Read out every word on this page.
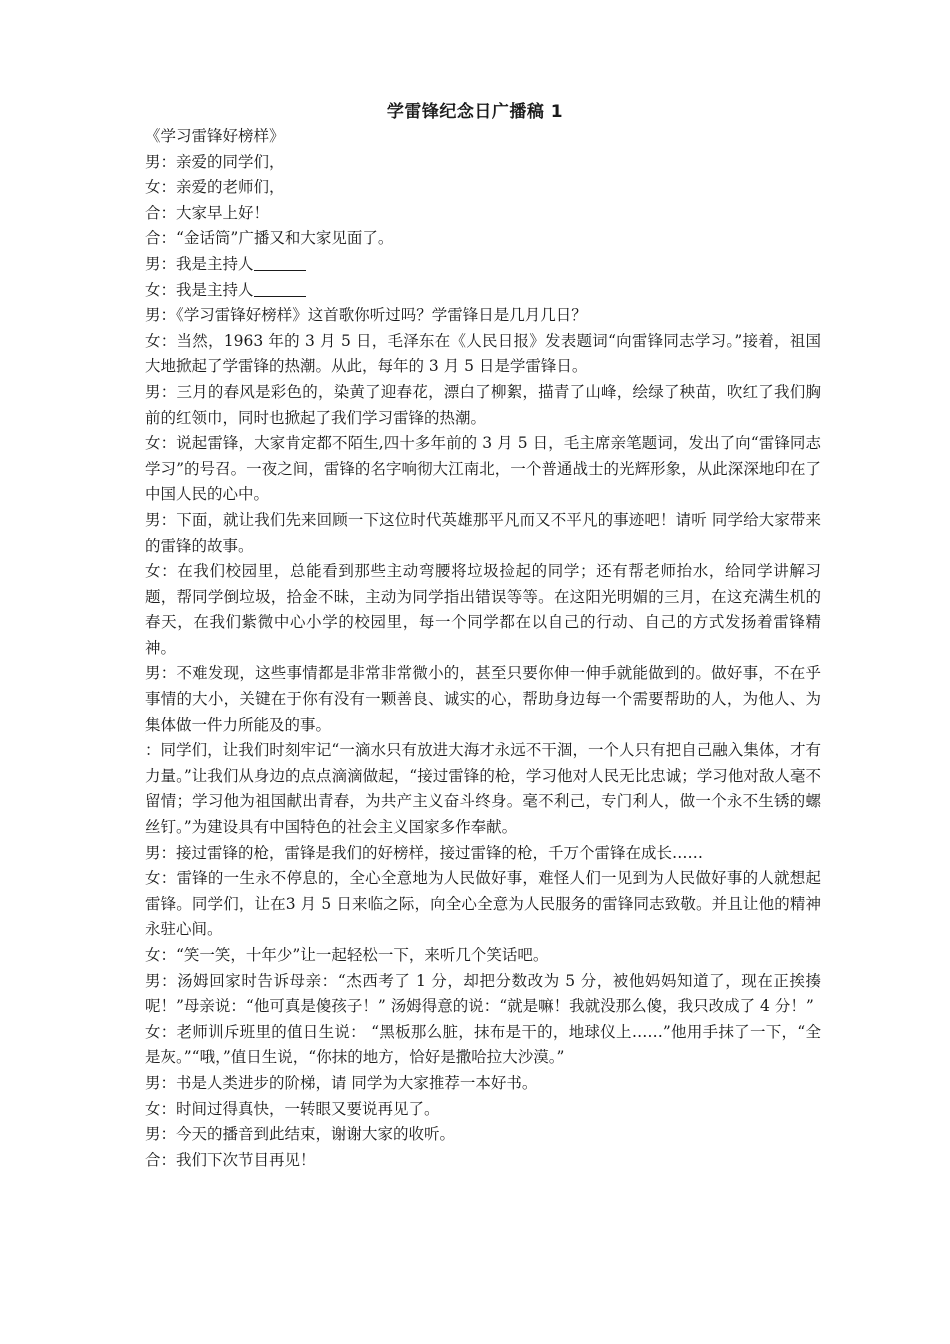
学雷锋纪念日广播稿 1

《学习雷锋好榜样》

男：亲爱的同学们，

女：亲爱的老师们，

合：大家早上好！

合：“金话筒”广播又和大家见面了。

男：我是主持人

女：我是主持人

男：《学习雷锋好榜样》这首歌你听过吗？学雷锋日是几月几日？

女：当然，1963 年的 3 月 5 日，毛泽东在《人民日报》发表题词“向雷锋同志学习。”接着，祖国大地掀起了学雷锋的热潮。从此，每年的 3 月 5 日是学雷锋日。

男：三月的春风是彩色的，染黄了迎春花，漂白了柳絮，描青了山峰，绘绿了秧苗，吹红了我们胸前的红领巾，同时也掀起了我们学习雷锋的热潮。

女：说起雷锋，大家肯定都不陌生,四十多年前的 3 月 5 日，毛主席亲笔题词，发出了向“雷锋同志学习”的号召。一夜之间，雷锋的名字响彻大江南北，一个普通战士的光辉形象，从此深深地印在了中国人民的心中。

男：下面，就让我们先来回顾一下这位时代英雄那平凡而又不平凡的事迹吧！请听 同学给大家带来的雷锋的故事。

女：在我们校园里，总能看到那些主动弯腰将垃圾捡起的同学；还有帮老师抬水，给同学讲解习题，帮同学倒垃圾，拾金不昧，主动为同学指出错误等等。在这阳光明媚的三月，在这充满生机的春天，在我们紫微中心小学的校园里，每一个同学都在以自己的行动、自己的方式发扬着雷锋精神。

男：不难发现，这些事情都是非常非常微小的，甚至只要你伸一伸手就能做到的。做好事，不在乎事情的大小，关键在于你有没有一颗善良、诚实的心，帮助身边每一个需要帮助的人，为他人、为集体做一件力所能及的事。

：同学们，让我们时刻牢记“一滴水只有放进大海才永远不干涸，一个人只有把自己融入集体，才有力量。”让我们从身边的点点滴滴做起，“接过雷锋的枪，学习他对人民无比忠诚；学习他对敌人毫不留情；学习他为祖国献出青春，为共产主义奋斗终身。毫不利己，专门利人，做一个永不生锈的螺丝钉。”为建设具有中国特色的社会主义国家多作奉献。

男：接过雷锋的枪，雷锋是我们的好榜样，接过雷锋的枪，千万个雷锋在成长……

女：雷锋的一生永不停息的，全心全意地为人民做好事，难怪人们一见到为人民做好事的人就想起雷锋。同学们，让在3 月 5 日来临之际，向全心全意为人民服务的雷锋同志致敬。并且让他的精神永驻心间。

女：“笑一笑，十年少”让一起轻松一下，来听几个笑话吧。

男：汤姆回家时告诉母亲：“杰西考了 1 分，却把分数改为 5 分，被他妈妈知道了，现在正挨揍呢！”母亲说：“他可真是傻孩子！” 汤姆得意的说：“就是嘛！我就没那么傻，我只改成了 4 分！”

女：老师训斥班里的值日生说： “黑板那么脏，抹布是干的，地球仪上……”他用手抹了一下，“全是灰。”“哦，”值日生说，“你抹的地方，恰好是撒哈拉大沙漠。”

男：书是人类进步的阶梯，请 同学为大家推荐一本好书。

女：时间过得真快，一转眼又要说再见了。

男：今天的播音到此结束，谢谢大家的收听。

合：我们下次节目再见！
